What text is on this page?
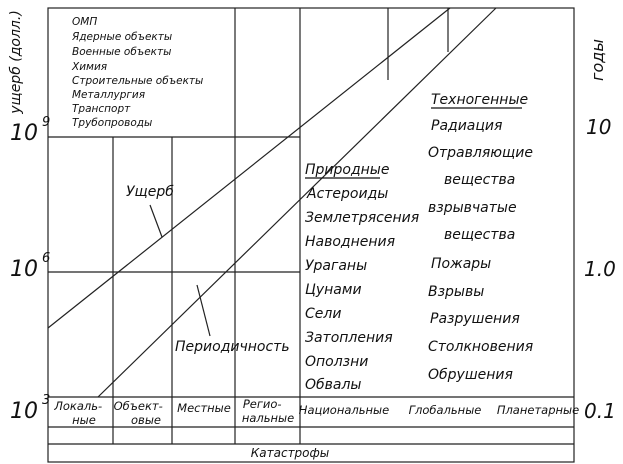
ущерб (долл.)
10 $^9$
10 $^6$
10 $^3$
годы
10
1.0
0.1
ОМП
Ядерные объекты
Военные объекты
Химия
Строительные объекты
Металлургия
Транспорт
Трубопроводы
Ущерб
Периодичность
Природные
Астероиды
Землетрясения
Наводнения
Ураганы
Цунами
Сели
Затопления
Оползни
Обвалы
Техногенные
Радиация
Отравляющие
вещества
взрывчатые
вещества
Пожары
Взрывы
Разрушения
Столкновения
Обрушения
Локаль- ные
Объект- овые
Местные Регио- нальные
Национальные Глобальные Планетарные
Катастрофы
